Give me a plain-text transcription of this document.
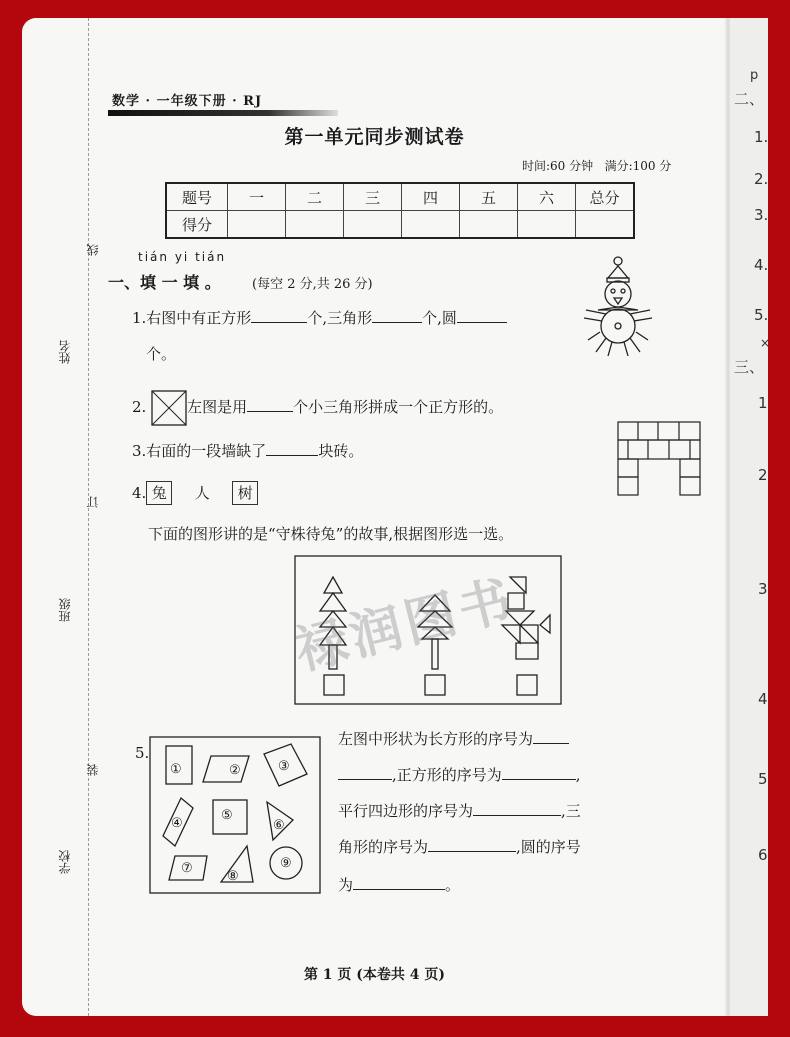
线
姓名
订
班级
装
学校
数学 · 一年级下册 · RJ
第一单元同步测试卷
时间:60 分钟 满分:100 分
题号	一	二	三	四	五	六	总分
得分							
tián yi tián
一、填 一 填 。 (每空 2 分,共 26 分)
1.右图中有正方形	个,三角形	个,圆
个。
2.	左图是用	个小三角形拼成一个正方形的。
3.右面的一段墙缺了	块砖。
4. 兔 人 树
下面的图形讲的是“守株待兔”的故事,根据图形选一选。
①	②	③
④
⑤
⑥
⑦
⑧
⑨
5.
左图中形状为长方形的序号为
,正方形的序号为	,
平行四边形的序号为	,三
角形的序号为	,圆的序号
为	。
禄润图书
第 1 页 (本卷共 4 页)
p
二、
1.
2.
3.
4.
5.
×
三、
1
2
3
4
5
6
